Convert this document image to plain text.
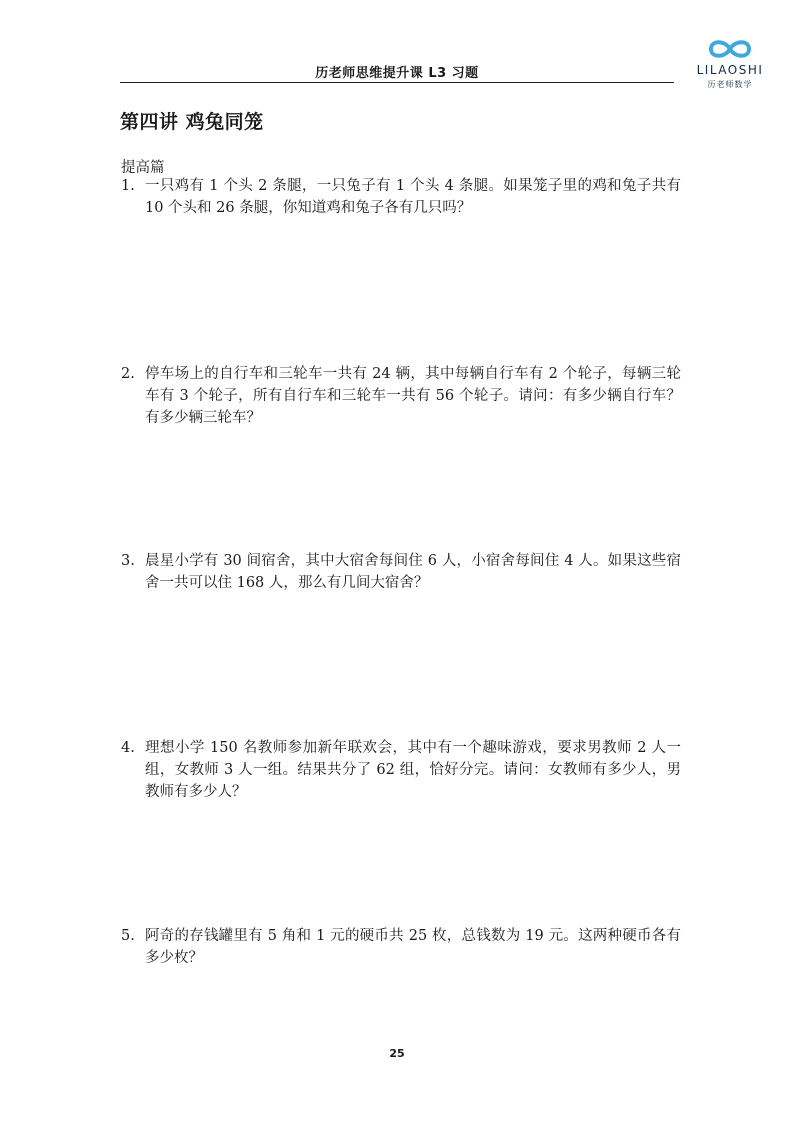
历老师思维提升课 L3 习题	LILAOSHI
历老师数学
第四讲 鸡兔同笼
提高篇
1. 一只鸡有 1 个头 2 条腿，一只兔子有 1 个头 4 条腿。如果笼子里的鸡和兔子共有 10 个头和 26 条腿，你知道鸡和兔子各有几只吗？
2. 停车场上的自行车和三轮车一共有 24 辆，其中每辆自行车有 2 个轮子，每辆三轮车有 3 个轮子，所有自行车和三轮车一共有 56 个轮子。请问：有多少辆自行车？有多少辆三轮车？
3. 晨星小学有 30 间宿舍，其中大宿舍每间住 6 人，小宿舍每间住 4 人。如果这些宿舍一共可以住 168 人，那么有几间大宿舍？
4. 理想小学 150 名教师参加新年联欢会，其中有一个趣味游戏，要求男教师 2 人一组，女教师 3 人一组。结果共分了 62 组，恰好分完。请问：女教师有多少人，男教师有多少人？
5. 阿奇的存钱罐里有 5 角和 1 元的硬币共 25 枚，总钱数为 19 元。这两种硬币各有多少枚？
25
